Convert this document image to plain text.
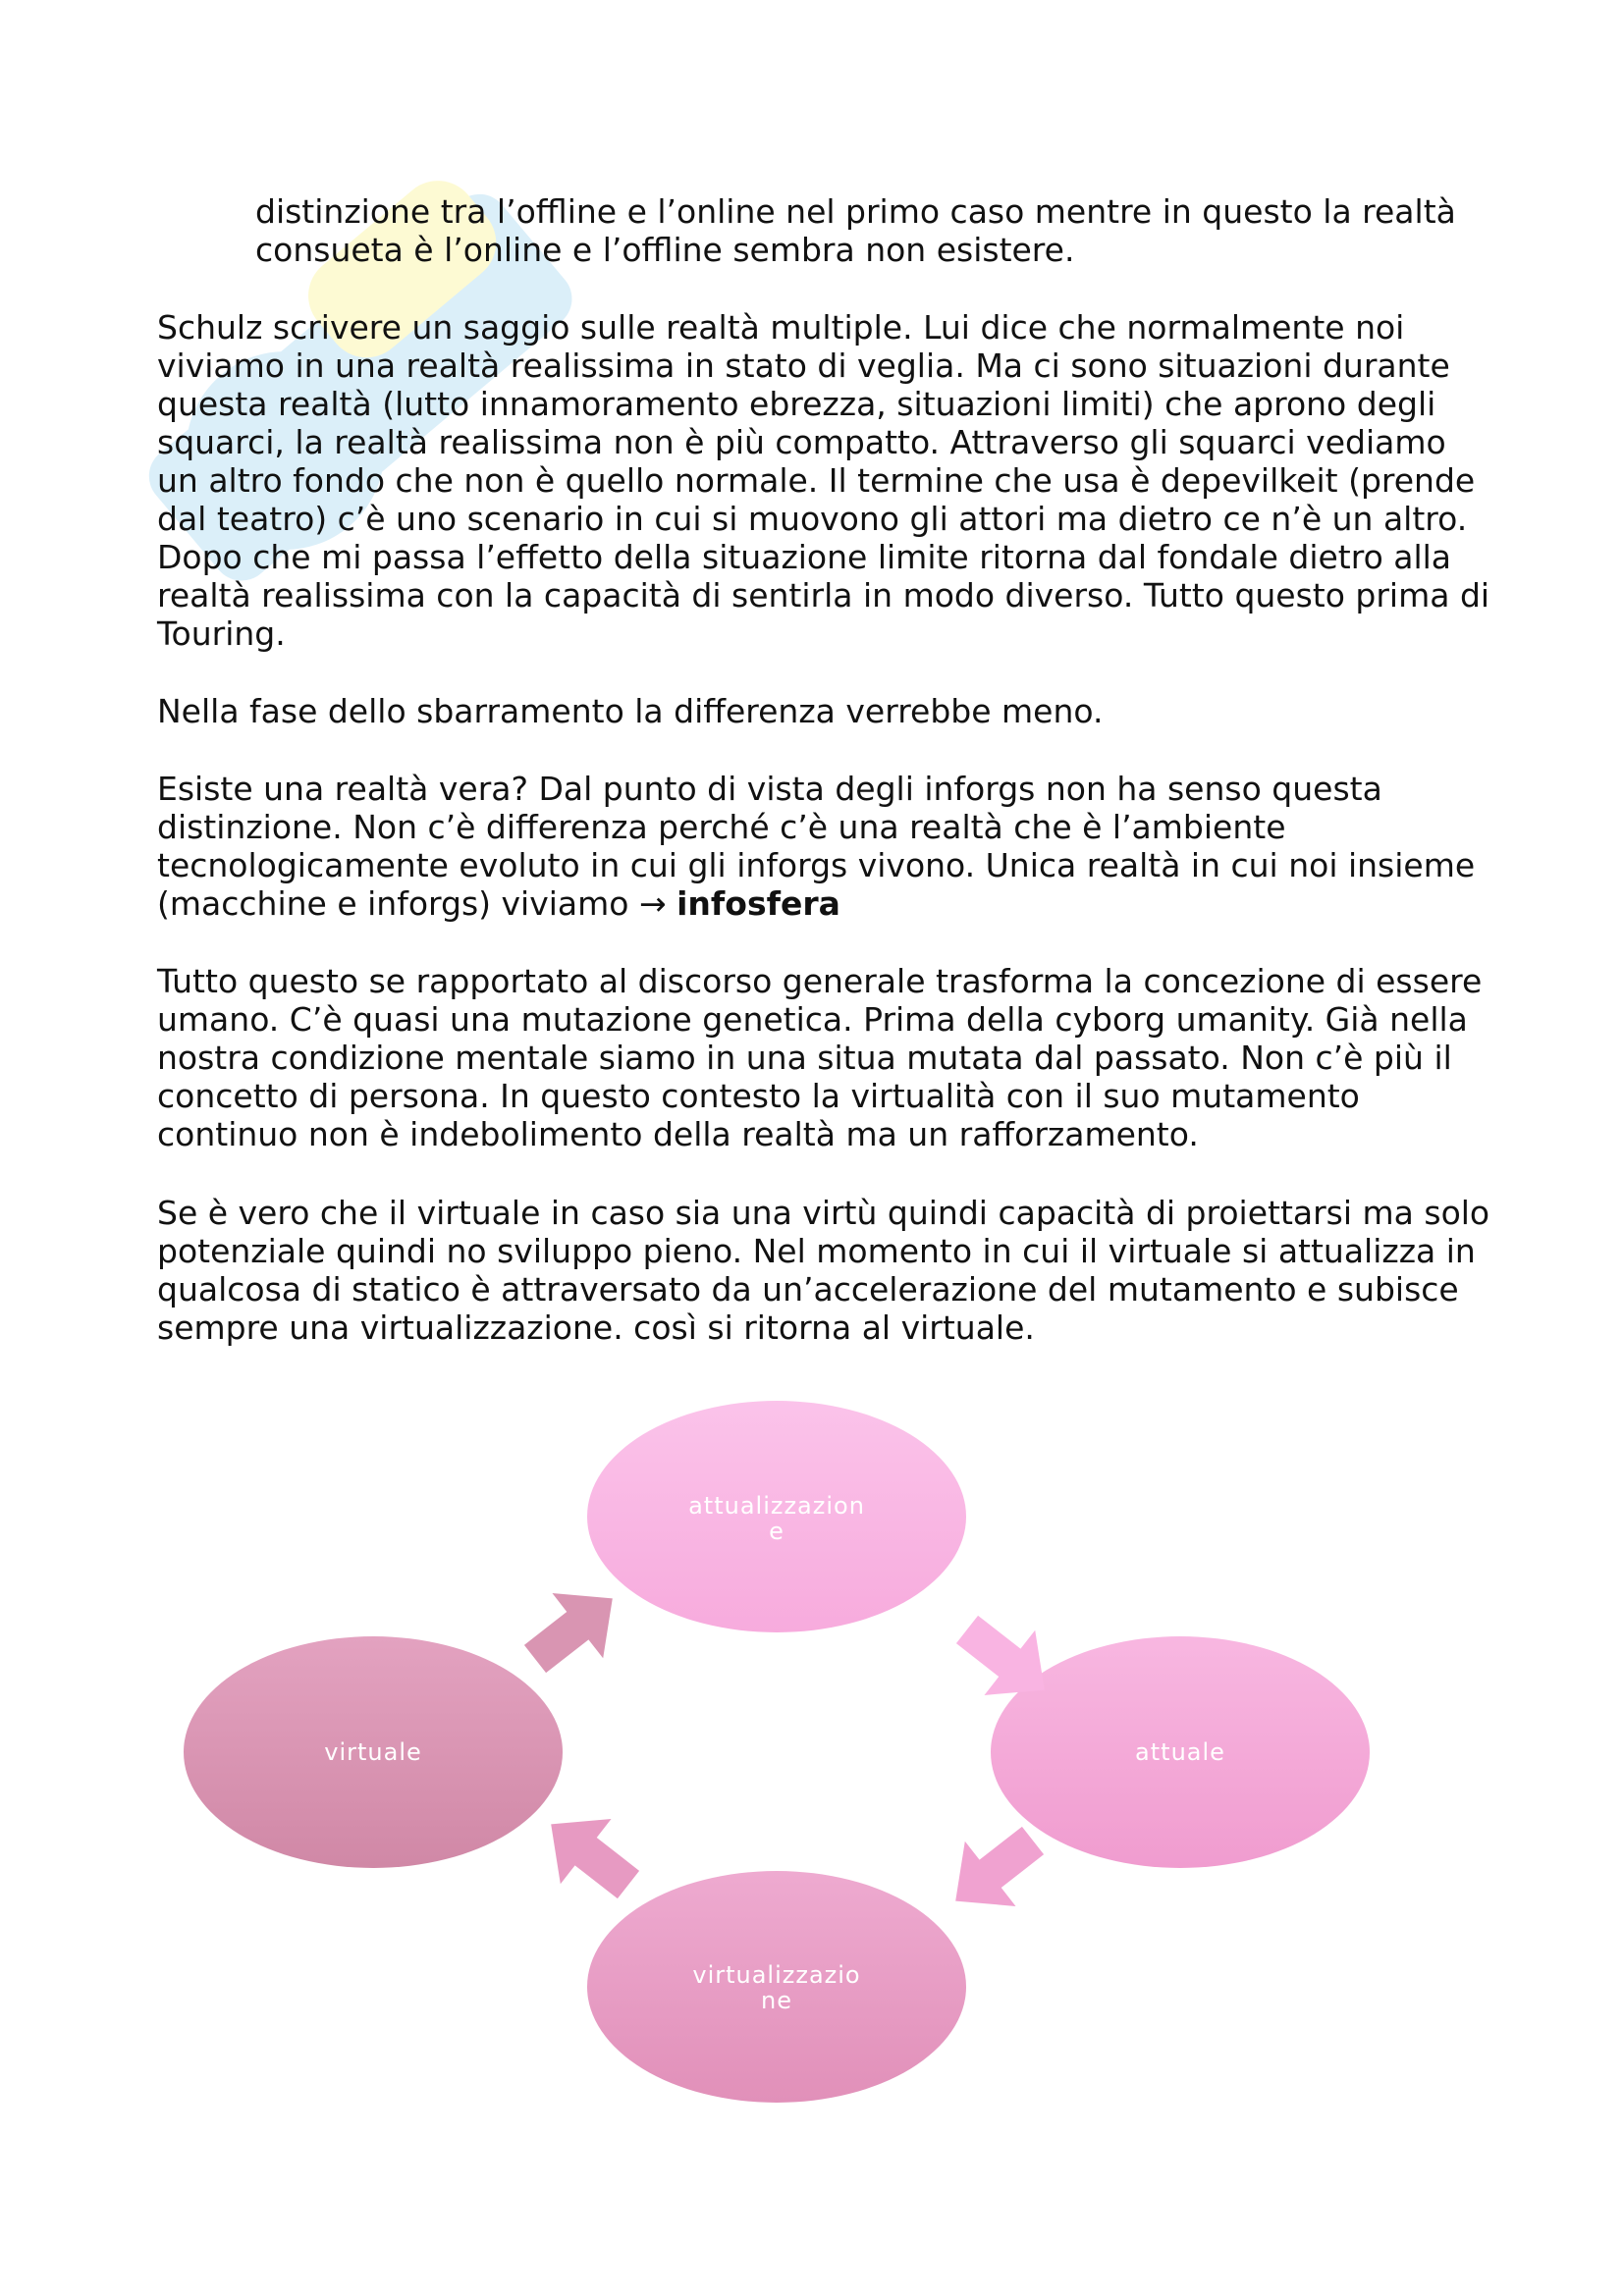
distinzione tra l’offline e l’online nel primo caso mentre in questo la realtà consueta è l’online e l’offline sembra non esistere.

Schulz scrivere un saggio sulle realtà multiple. Lui dice che normalmente noi viviamo in una realtà realissima in stato di veglia. Ma ci sono situazioni durante questa realtà (lutto innamoramento ebrezza, situazioni limiti) che aprono degli squarci, la realtà realissima non è più compatto. Attraverso gli squarci vediamo un altro fondo che non è quello normale. Il termine che usa è depevilkeit (prende dal teatro) c’è uno scenario in cui si muovono gli attori ma dietro ce n’è un altro. Dopo che mi passa l’effetto della situazione limite ritorna dal fondale dietro alla realtà realissima con la capacità di sentirla in modo diverso. Tutto questo prima di Touring.

Nella fase dello sbarramento la differenza verrebbe meno.

Esiste una realtà vera? Dal punto di vista degli inforgs non ha senso questa distinzione. Non c’è differenza perché c’è una realtà che è l’ambiente tecnologicamente evoluto in cui gli inforgs vivono. Unica realtà in cui noi insieme (macchine e inforgs) viviamo → infosfera

Tutto questo se rapportato al discorso generale trasforma la concezione di essere umano. C’è quasi una mutazione genetica. Prima della cyborg umanity. Già nella nostra condizione mentale siamo in una situa mutata dal passato. Non c’è più il concetto di persona. In questo contesto la virtualità con il suo mutamento continuo non è indebolimento della realtà ma un rafforzamento.

Se è vero che il virtuale in caso sia una virtù quindi capacità di proiettarsi ma solo potenziale quindi no sviluppo pieno. Nel momento in cui il virtuale si attualizza in qualcosa di statico è attraversato da un’accelerazione del mutamento e subisce sempre una virtualizzazione. così si ritorna al virtuale.

attualizzazion
e
attuale
virtualizzazio
ne
virtuale
